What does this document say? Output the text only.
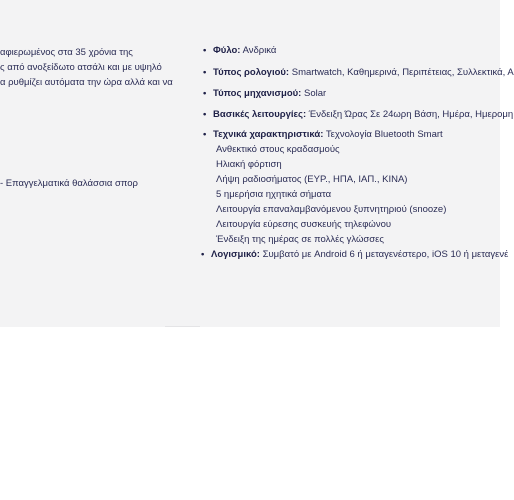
αφιερωμένος στα 35 χρόνια της
ς από ανοξείδωτο ατσάλι και με υψηλό
α ρυθμίζει αυτόματα την ώρα αλλά και να
- Επαγγελματικά θαλάσσια σπορ
• Φύλο: Ανδρικά
• Τύπος ρολογιού: Smartwatch, Καθημερινά, Περιπέτειας, Συλλεκτικά, Α
• Τύπος μηχανισμού: Solar
• Βασικές λειτουργίες: Ένδειξη Ώρας Σε 24ωρη Βάση, Ημέρα, Ημερομη
• Τεχνικά χαρακτηριστικά: Τεχνολογία Bluetooth Smart
Ανθεκτικό στους κραδασμούς
Ηλιακή φόρτιση
Λήψη ραδιοσήματος (ΕΥΡ., ΗΠΑ, ΙΑΠ., ΚΙΝΑ)
5 ημερήσια ηχητικά σήματα
Λειτουργία επαναλαμβανόμενου ξυπνητηριού (snooze)
Λειτουργία εύρεσης συσκευής τηλεφώνου
Ένδειξη της ημέρας σε πολλές γλώσσες
• Λογισμικό: Συμβατό με Android 6 ή μεταγενέστερο, iOS 10 ή μεταγενέ
